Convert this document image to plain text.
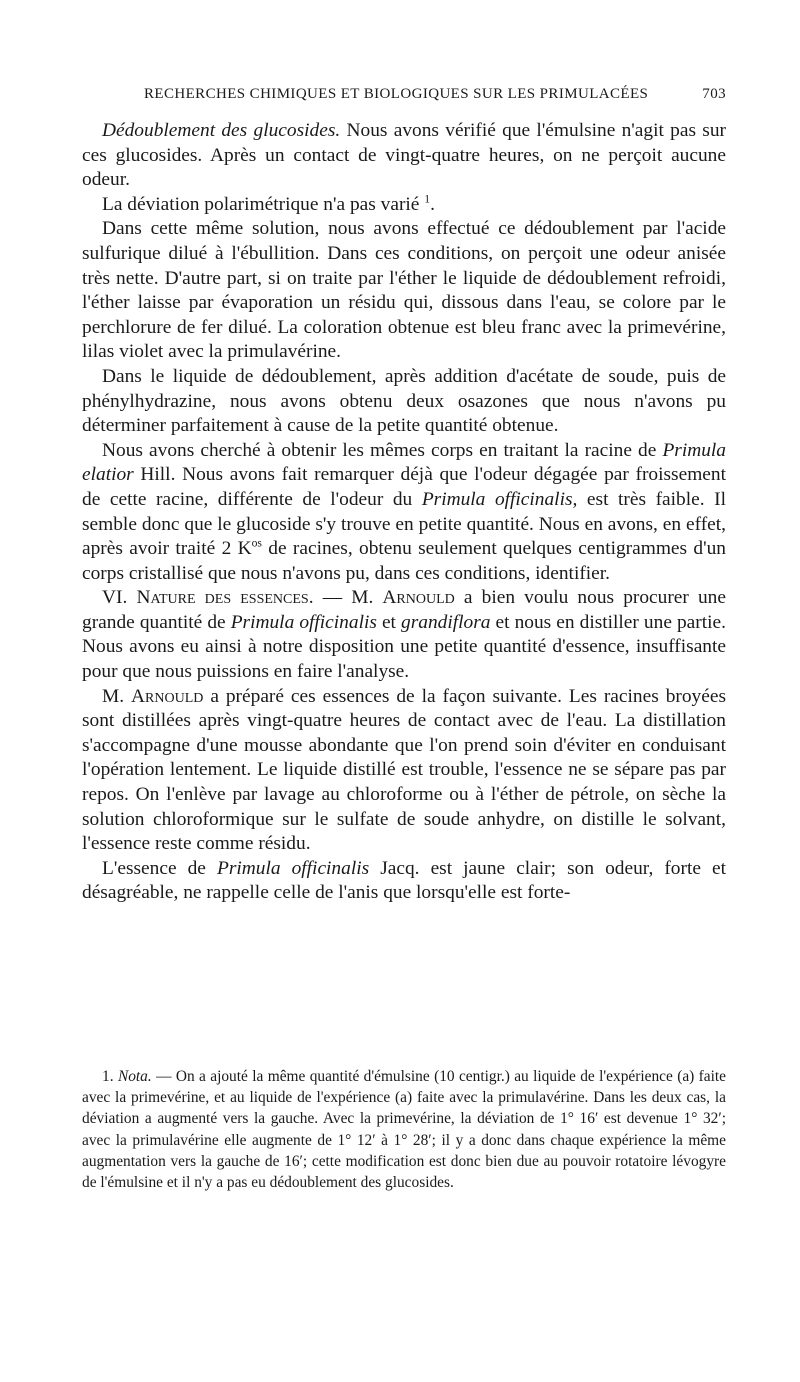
RECHERCHES CHIMIQUES ET BIOLOGIQUES SUR LES PRIMULACÉES	703

Dédoublement des glucosides. Nous avons vérifié que l'émulsine n'agit pas sur ces glucosides. Après un contact de vingt-quatre heures, on ne perçoit aucune odeur.

La déviation polarimétrique n'a pas varié $^1$.

Dans cette même solution, nous avons effectué ce dédoublement par l'acide sulfurique dilué à l'ébullition. Dans ces conditions, on perçoit une odeur anisée très nette. D'autre part, si on traite par l'éther le liquide de dédoublement refroidi, l'éther laisse par évaporation un résidu qui, dissous dans l'eau, se colore par le perchlorure de fer dilué. La coloration obtenue est bleu franc avec la primevérine, lilas violet avec la primulavérine.

Dans le liquide de dédoublement, après addition d'acétate de soude, puis de phénylhydrazine, nous avons obtenu deux osazones que nous n'avons pu déterminer parfaitement à cause de la petite quantité obtenue.

Nous avons cherché à obtenir les mêmes corps en traitant la racine de Primula elatior Hill. Nous avons fait remarquer déjà que l'odeur dégagée par froissement de cette racine, différente de l'odeur du Primula officinalis, est très faible. Il semble donc que le glucoside s'y trouve en petite quantité. Nous en avons, en effet, après avoir traité 2 $K^{os}$ de racines, obtenu seulement quelques centigrammes d'un corps cristallisé que nous n'avons pu, dans ces conditions, identifier.

VI. Nature des essences. — M. Arnould a bien voulu nous procurer une grande quantité de Primula officinalis et grandiflora et nous en distiller une partie. Nous avons eu ainsi à notre disposition une petite quantité d'essence, insuffisante pour que nous puissions en faire l'analyse.

M. Arnould a préparé ces essences de la façon suivante. Les racines broyées sont distillées après vingt-quatre heures de contact avec de l'eau. La distillation s'accompagne d'une mousse abondante que l'on prend soin d'éviter en conduisant l'opération lentement. Le liquide distillé est trouble, l'essence ne se sépare pas par repos. On l'enlève par lavage au chloroforme ou à l'éther de pétrole, on sèche la solution chloroformique sur le sulfate de soude anhydre, on distille le solvant, l'essence reste comme résidu.

L'essence de Primula officinalis Jacq. est jaune clair; son odeur, forte et désagréable, ne rappelle celle de l'anis que lorsqu'elle est forte-

1. Nota. — On a ajouté la même quantité d'émulsine (10 centigr.) au liquide de l'expérience (a) faite avec la primevérine, et au liquide de l'expérience (a) faite avec la primulavérine. Dans les deux cas, la déviation a augmenté vers la gauche. Avec la primevérine, la déviation de 1° 16′ est devenue 1° 32′; avec la primulavérine elle augmente de 1° 12′ à 1° 28′; il y a donc dans chaque expérience la même augmentation vers la gauche de 16′; cette modification est donc bien due au pouvoir rotatoire lévogyre de l'émulsine et il n'y a pas eu dédoublement des glucosides.
